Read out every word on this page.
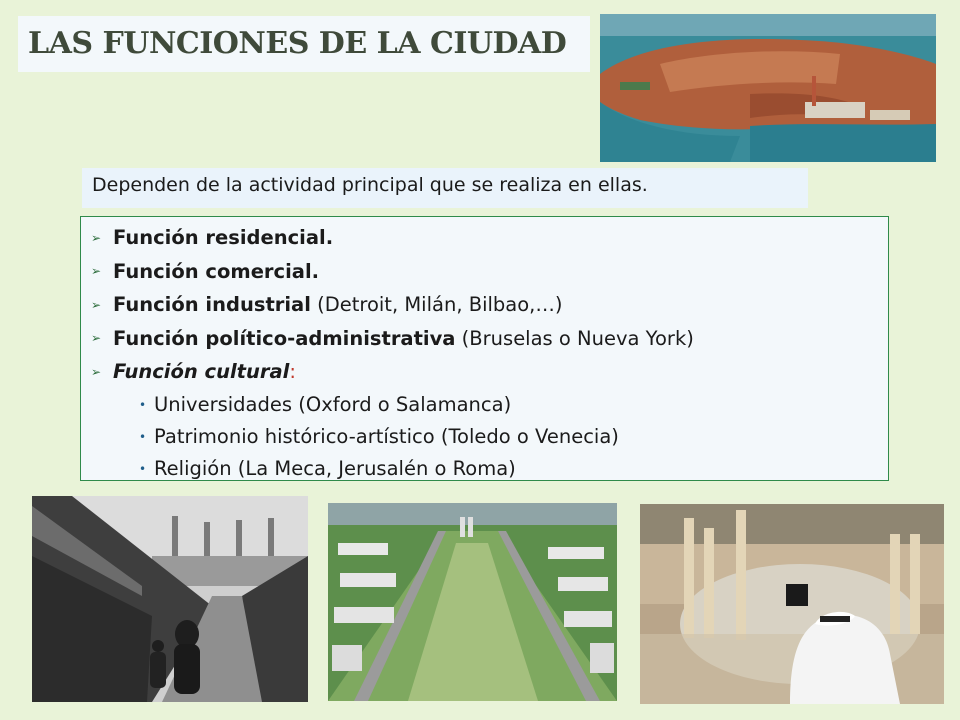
LAS FUNCIONES DE LA CIUDAD
Dependen de la actividad principal que se realiza en ellas.
➢ Función residencial.
➢ Función comercial.
➢ Función industrial (Detroit, Milán, Bilbao,…)
➢ Función político-administrativa (Bruselas o Nueva York)
➢ Función cultural :
• Universidades (Oxford o Salamanca)
• Patrimonio histórico-artístico (Toledo o Venecia)
• Religión (La Meca, Jerusalén o Roma)
